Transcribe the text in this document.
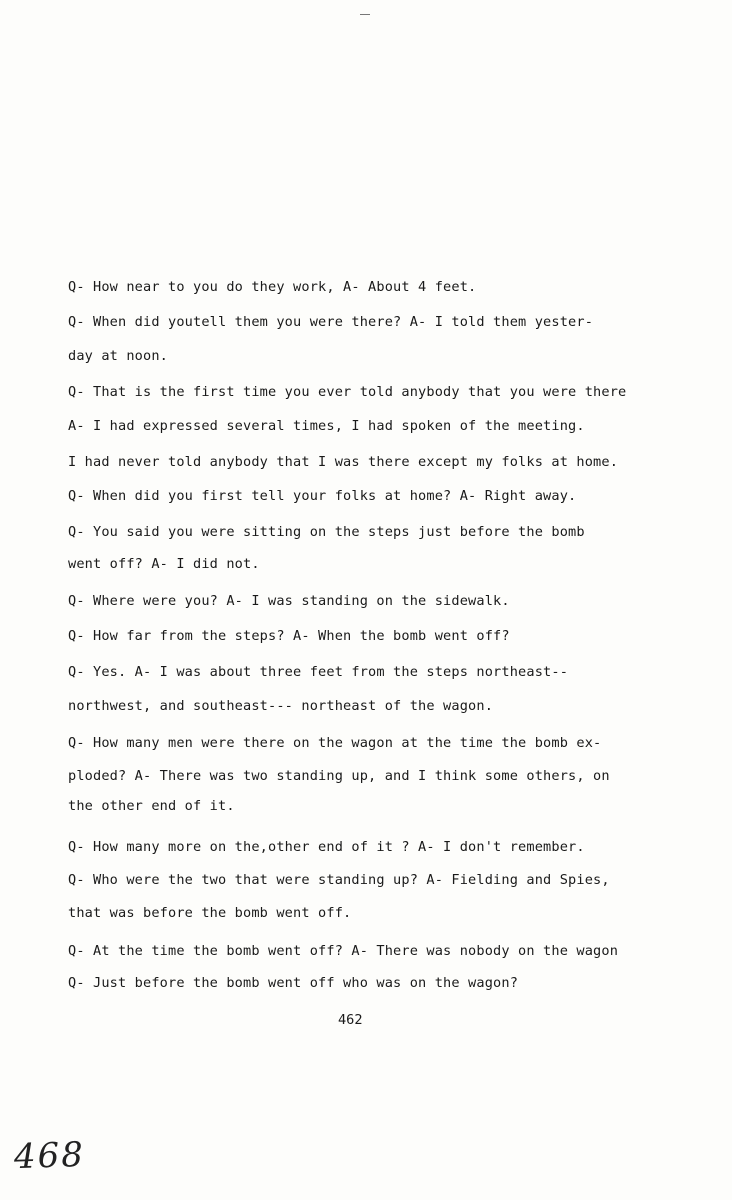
Q- How near to you do they work, A- About 4 feet.
Q- When did youtell them you were there? A- I told them yester-
day at noon.
Q- That is the first time you ever told anybody that you were there
A- I had expressed several times, I had spoken of the meeting.
I had never told anybody that I was there except my folks at home.
Q- When did you first tell your folks at home? A- Right away.
Q- You said you were sitting on the steps just before the bomb
went off? A- I did not.
Q- Where were you? A- I was standing on the sidewalk.
Q- How far from the steps? A- When the bomb went off?
Q- Yes. A- I was about three feet from the steps northeast--
northwest, and southeast--- northeast of the wagon.
Q- How many men were there on the wagon at the time the bomb ex-
ploded? A- There was two standing up, and I think some others, on
the other end of it.
Q- How many more on the,other end of it ? A- I don't remember.
Q- Who were the two that were standing up? A- Fielding and Spies,
that was before the bomb went off.
Q- At the time the bomb went off? A- There was nobody on the wagon
Q- Just before the bomb went off who was on the wagon?
462
468
